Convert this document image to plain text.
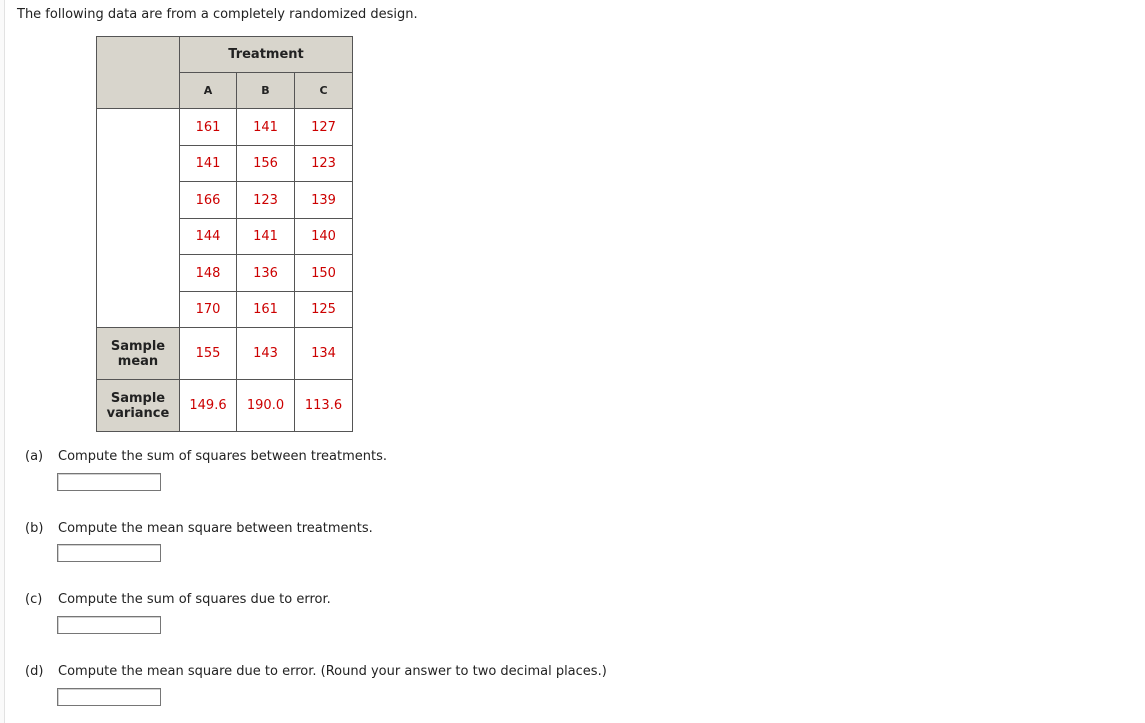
The following data are from a completely randomized design.
	Treatment		
	A	B	C
	161	141	127
	141	156	123
	166	123	139
	144	141	140
	148	136	150
	170	161	125
Sample
mean	155	143	134
Sample
variance	149.6	190.0	113.6
(a) Compute the sum of squares between treatments.
(b) Compute the mean square between treatments.
(c) Compute the sum of squares due to error.
(d) Compute the mean square due to error. (Round your answer to two decimal places.)
